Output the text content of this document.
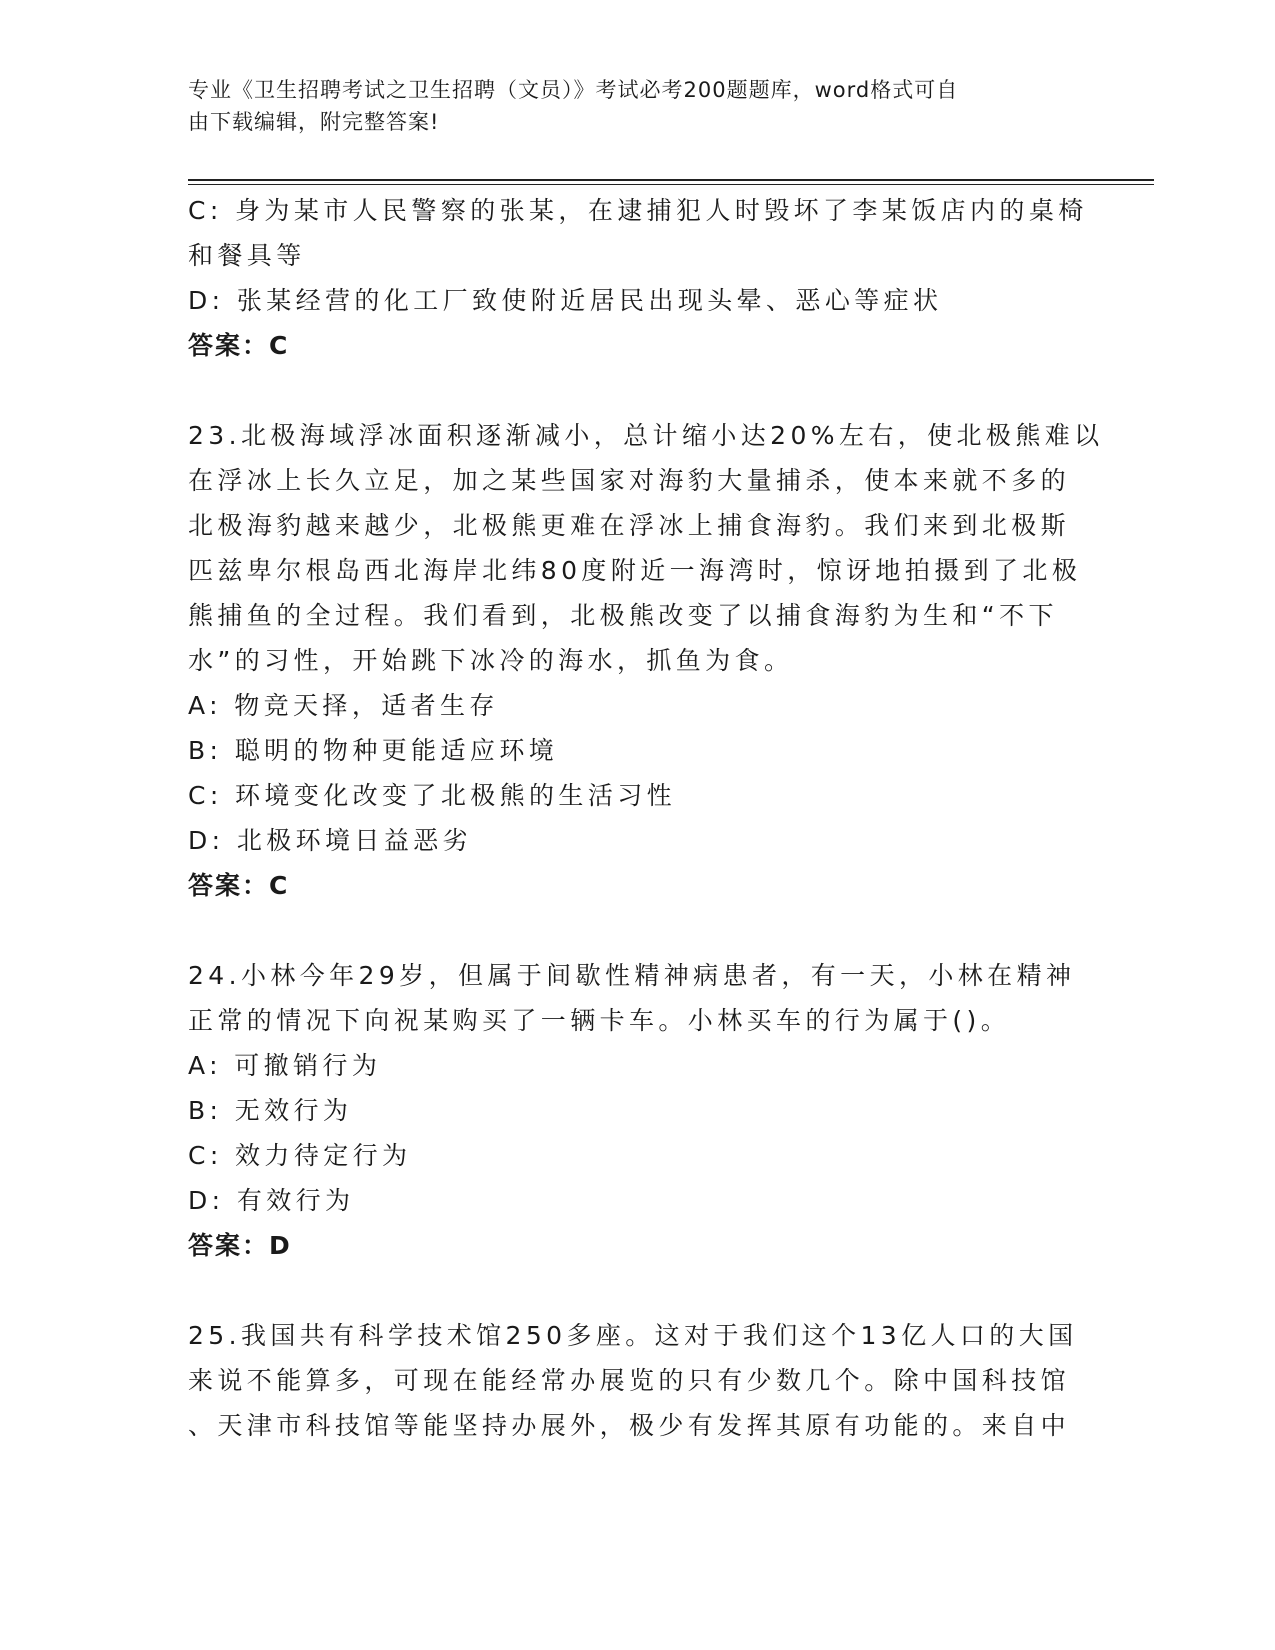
专业《卫生招聘考试之卫生招聘（文员）》考试必考200题题库，word格式可自
由下载编辑，附完整答案!
C: 身为某市人民警察的张某，在逮捕犯人时毁坏了李某饭店内的桌椅
和餐具等
D: 张某经营的化工厂致使附近居民出现头晕、恶心等症状
答案：C
23.北极海域浮冰面积逐渐减小，总计缩小达20%左右，使北极熊难以
在浮冰上长久立足，加之某些国家对海豹大量捕杀，使本来就不多的
北极海豹越来越少，北极熊更难在浮冰上捕食海豹。我们来到北极斯
匹兹卑尔根岛西北海岸北纬80度附近一海湾时，惊讶地拍摄到了北极
熊捕鱼的全过程。我们看到，北极熊改变了以捕食海豹为生和“不下
水”的习性，开始跳下冰冷的海水，抓鱼为食。
A: 物竞天择，适者生存
B: 聪明的物种更能适应环境
C: 环境变化改变了北极熊的生活习性
D: 北极环境日益恶劣
答案：C
24.小林今年29岁，但属于间歇性精神病患者，有一天，小林在精神
正常的情况下向祝某购买了一辆卡车。小林买车的行为属于()。
A: 可撤销行为
B: 无效行为
C: 效力待定行为
D: 有效行为
答案：D
25.我国共有科学技术馆250多座。这对于我们这个13亿人口的大国
来说不能算多，可现在能经常办展览的只有少数几个。除中国科技馆
、天津市科技馆等能坚持办展外，极少有发挥其原有功能的。来自中
